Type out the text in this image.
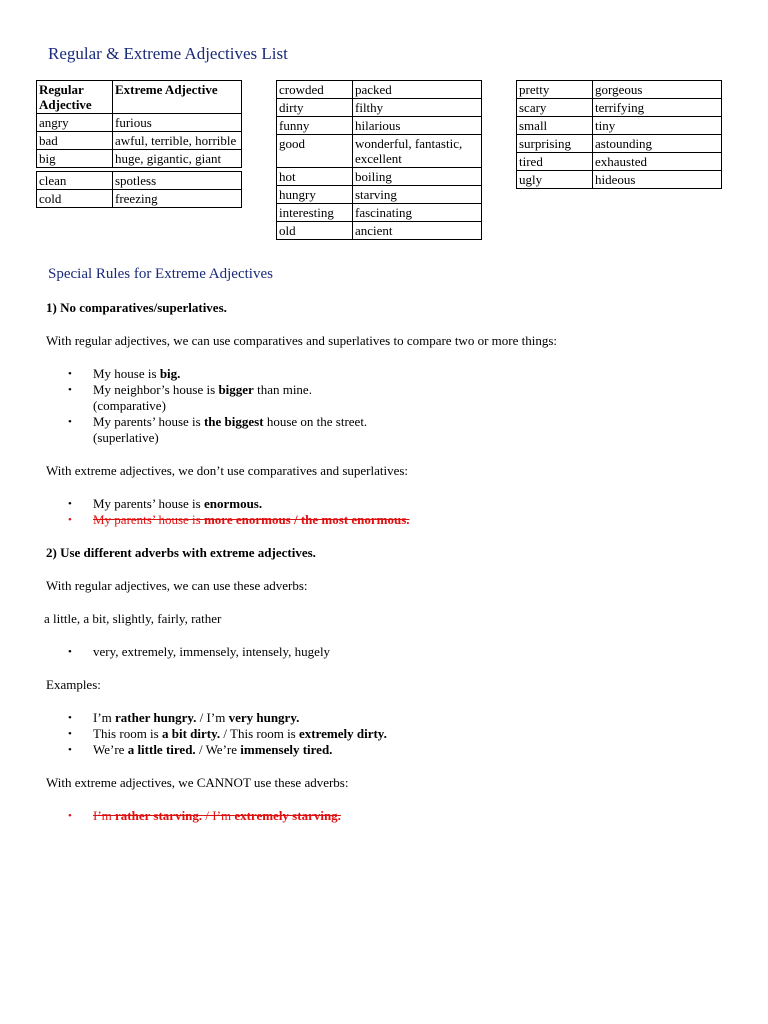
Regular & Extreme Adjectives List
Regular Adjective	Extreme Adjective
angry	furious
bad	awful, terrible, horrible
big	huge, gigantic, giant

clean	spotless
cold	freezing
crowded	packed
dirty	filthy
funny	hilarious
good	wonderful, fantastic, excellent
hot	boiling
hungry	starving
interesting	fascinating
old	ancient
pretty	gorgeous
scary	terrifying
small	tiny
surprising	astounding
tired	exhausted
ugly	hideous
Special Rules for Extreme Adjectives

1) No comparatives/superlatives.

With regular adjectives, we can use comparatives and superlatives to compare two or more things:

• My house is big.
• My neighbor’s house is bigger than mine.
(comparative)
• My parents’ house is the biggest house on the street.
(superlative)

With extreme adjectives, we don’t use comparatives and superlatives:

• My parents’ house is enormous.
• My parents’ house is more enormous / the most enormous.

2) Use different adverbs with extreme adjectives.

With regular adjectives, we can use these adverbs:

a little, a bit, slightly, fairly, rather

• very, extremely, immensely, intensely, hugely

Examples:

• I’m rather hungry. / I’m very hungry.
• This room is a bit dirty. / This room is extremely dirty.
• We’re a little tired. / We’re immensely tired.

With extreme adjectives, we CANNOT use these adverbs:

• I’m rather starving. / I’m extremely starving.
